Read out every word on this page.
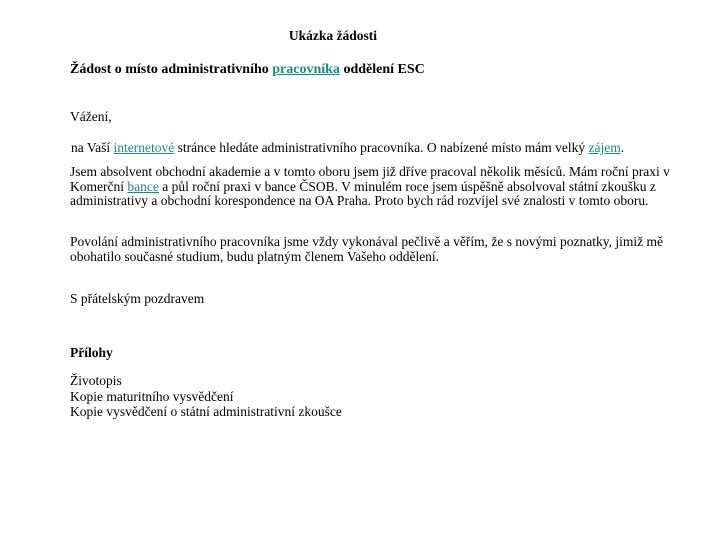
Ukázka žádosti
Žádost o místo administrativního pracovníka oddělení ESC
Vážení,
na Vaší internetové stránce hledáte administrativního pracovníka. O nabízené místo mám velký zájem.
Jsem absolvent obchodní akademie a v tomto oboru jsem již dříve pracoval několik měsíců. Mám roční praxi v Komerční bance a půl roční praxi v bance ČSOB. V minulém roce jsem úspěšně absolvoval státní zkoušku z administrativy a obchodní korespondence na OA Praha. Proto bych rád rozvíjel své znalosti v tomto oboru.
Povolání administrativního pracovníka jsme vždy vykonával pečlivě a věřím, že s novými poznatky, jimiž mě obohatilo současné studium, budu platným členem Vašeho oddělení.
S přátelským pozdravem
Přílohy
Životopis
Kopie maturitního vysvědčení
Kopie vysvědčení o státní administrativní zkoušce
